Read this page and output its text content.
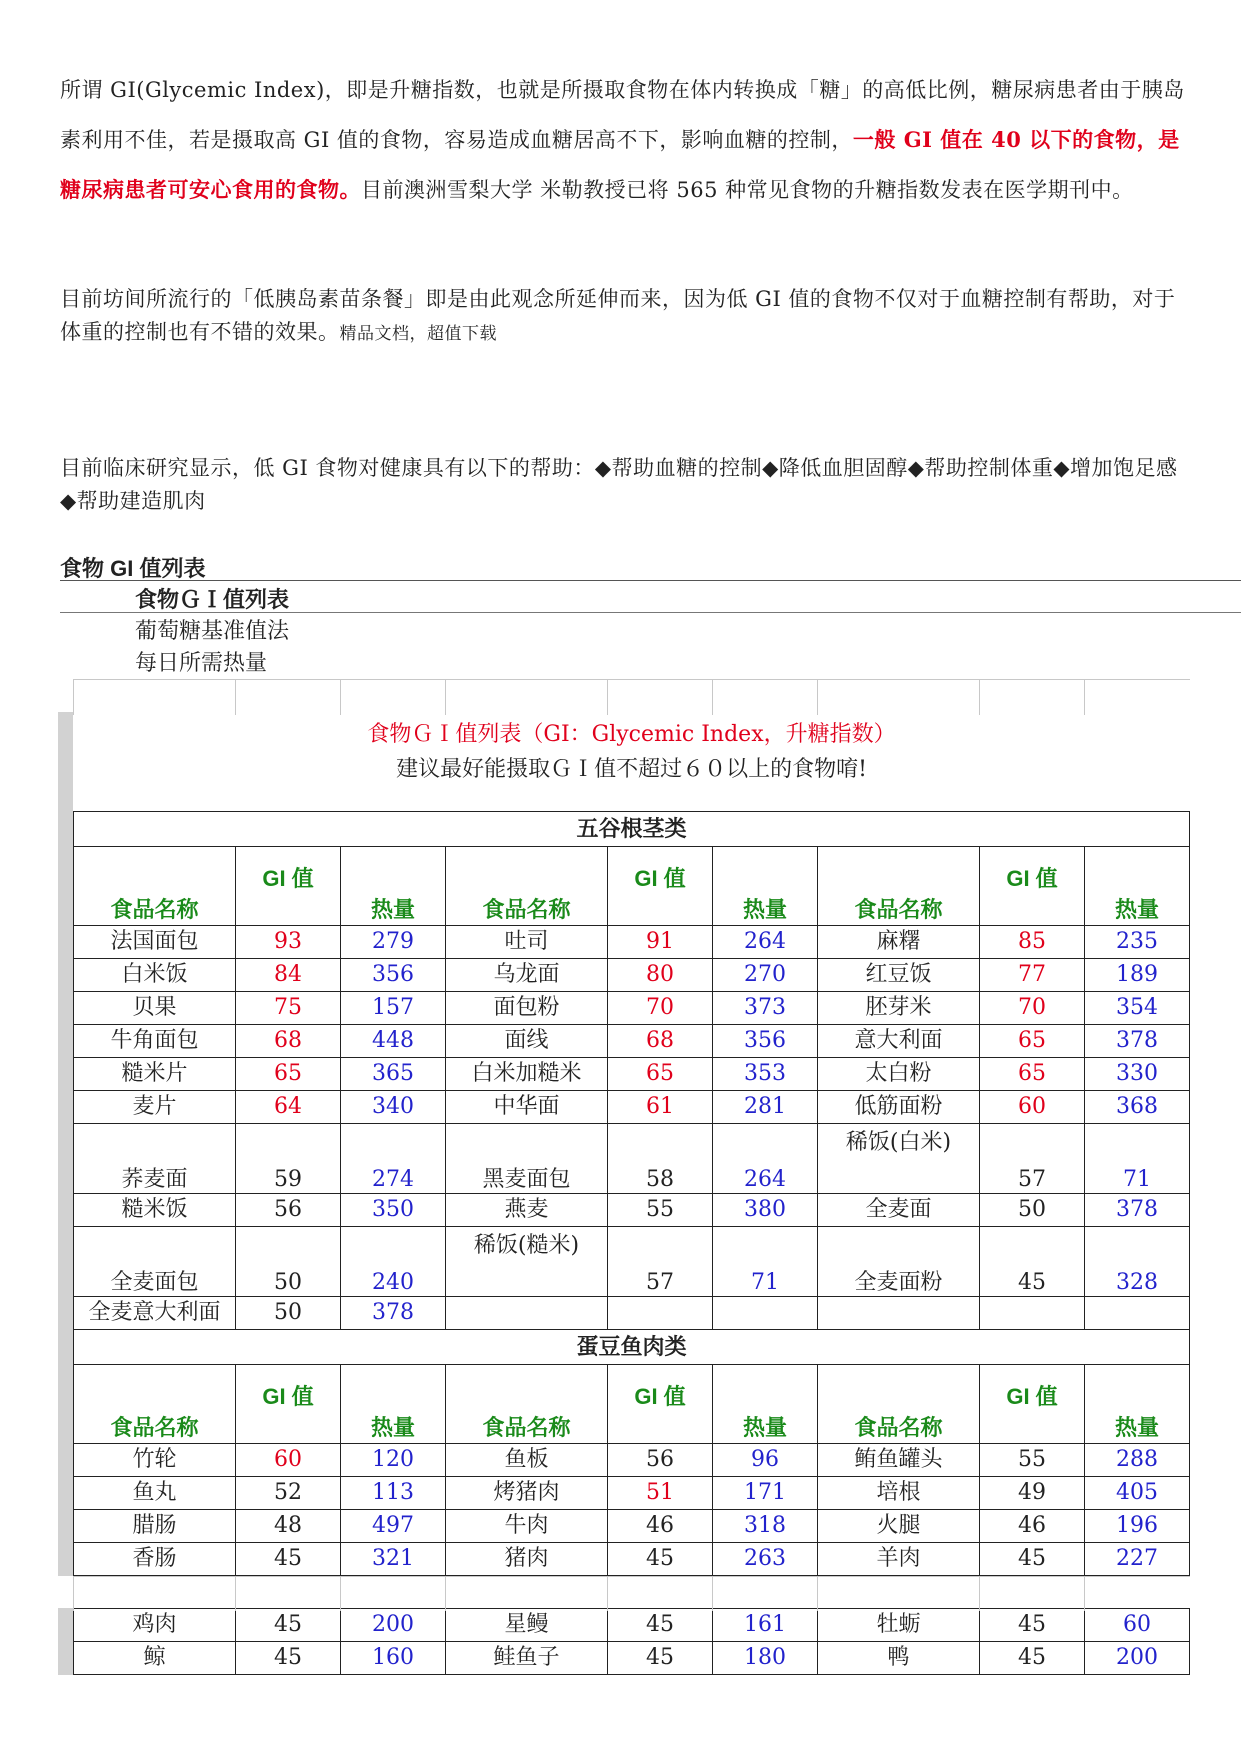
所谓 GI(Glycemic Index)，即是升糖指数，也就是所摄取食物在体内转换成「糖」的高低比例，糖尿病患者由于胰岛素利用不佳，若是摄取高 GI 值的食物，容易造成血糖居高不下，影响血糖的控制，一般 GI 值在 40 以下的食物，是糖尿病患者可安心食用的食物。目前澳洲雪梨大学 米勒教授已将 565 种常见食物的升糖指数发表在医学期刊中。
目前坊间所流行的「低胰岛素苗条餐」即是由此观念所延伸而来，因为低 GI 值的食物不仅对于血糖控制有帮助，对于体重的控制也有不错的效果。精品文档，超值下载
目前临床研究显示，低 GI 食物对健康具有以下的帮助：◆帮助血糖的控制◆降低血胆固醇◆帮助控制体重◆增加饱足感◆帮助建造肌肉
食物 GI 值列表
食物ＧＩ值列表
葡萄糖基准值法
每日所需热量

食物ＧＩ值列表（GI：Glycemic Index，升糖指数）
建议最好能摄取ＧＩ值不超过６０以上的食物唷!
五谷根茎类								
食品名称	GI 值	热量	食品名称	GI 值	热量	食品名称	GI 值	热量
法国面包	93	279	吐司	91	264	麻糬	85	235
白米饭	84	356	乌龙面	80	270	红豆饭	77	189
贝果	75	157	面包粉	70	373	胚芽米	70	354
牛角面包	68	448	面线	68	356	意大利面	65	378
糙米片	65	365	白米加糙米	65	353	太白粉	65	330
麦片	64	340	中华面	61	281	低筋面粉	60	368
荞麦面	59	274	黑麦面包	58	264	稀饭(白米)	57	71
糙米饭	56	350	燕麦	55	380	全麦面	50	378
全麦面包	50	240	稀饭(糙米)	57	71	全麦面粉	45	328
全麦意大利面	50	378						
蛋豆鱼肉类								
食品名称	GI 值	热量	食品名称	GI 值	热量	食品名称	GI 值	热量
竹轮	60	120	鱼板	56	96	鲔鱼罐头	55	288
鱼丸	52	113	烤猪肉	51	171	培根	49	405
腊肠	48	497	牛肉	46	318	火腿	46	196
香肠	45	321	猪肉	45	263	羊肉	45	227
鸡肉	45	200	星鳗	45	161	牡蛎	45	60
鲸	45	160	鲑鱼子	45	180	鸭	45	200
